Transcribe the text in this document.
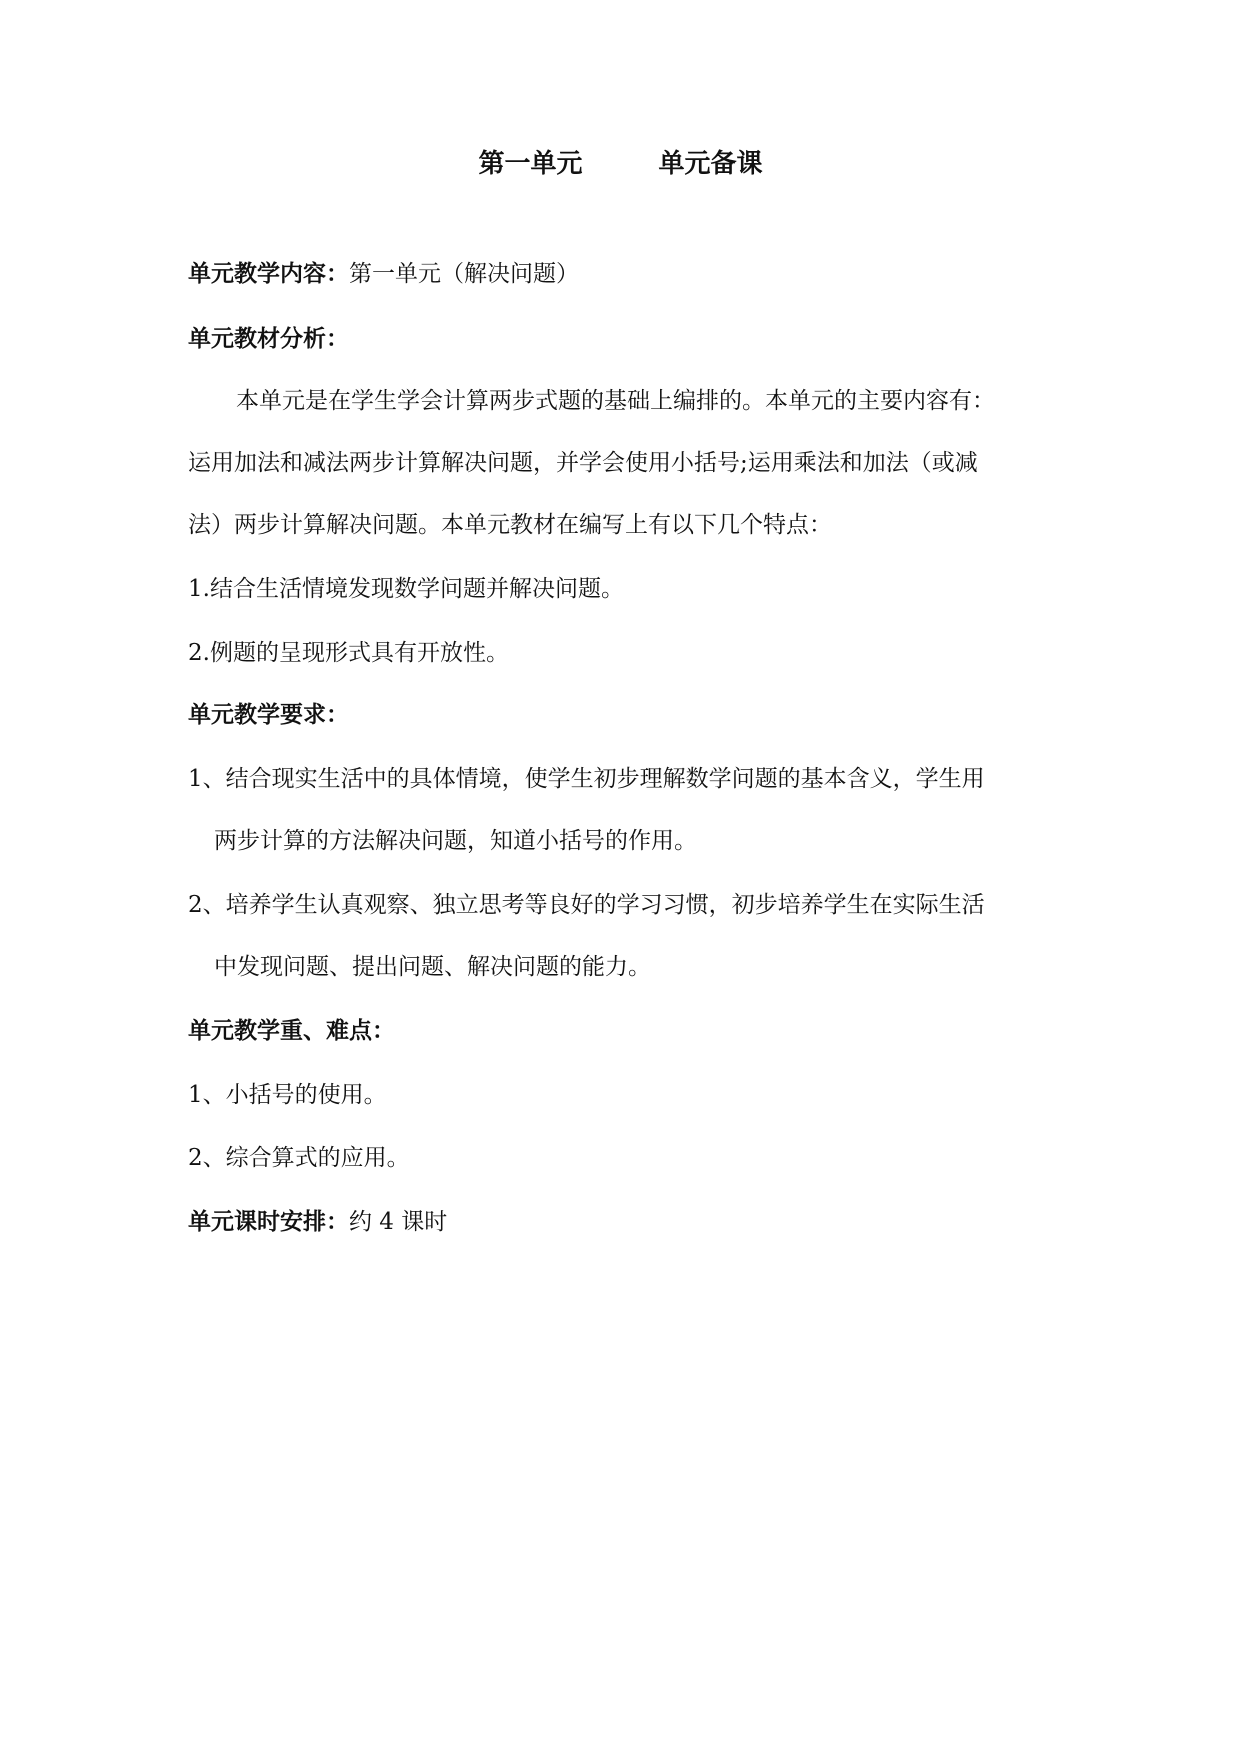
第一单元	单元备课
单元教学内容：第一单元（解决问题）
单元教材分析：
本单元是在学生学会计算两步式题的基础上编排的。本单元的主要内容有：
运用加法和减法两步计算解决问题，并学会使用小括号;运用乘法和加法（或减
法）两步计算解决问题。本单元教材在编写上有以下几个特点：
1.结合生活情境发现数学问题并解决问题。
2.例题的呈现形式具有开放性。
单元教学要求：
1、结合现实生活中的具体情境，使学生初步理解数学问题的基本含义，学生用
两步计算的方法解决问题，知道小括号的作用。
2、培养学生认真观察、独立思考等良好的学习习惯，初步培养学生在实际生活
中发现问题、提出问题、解决问题的能力。
单元教学重、难点：
1、小括号的使用。
2、综合算式的应用。
单元课时安排：约 4 课时
